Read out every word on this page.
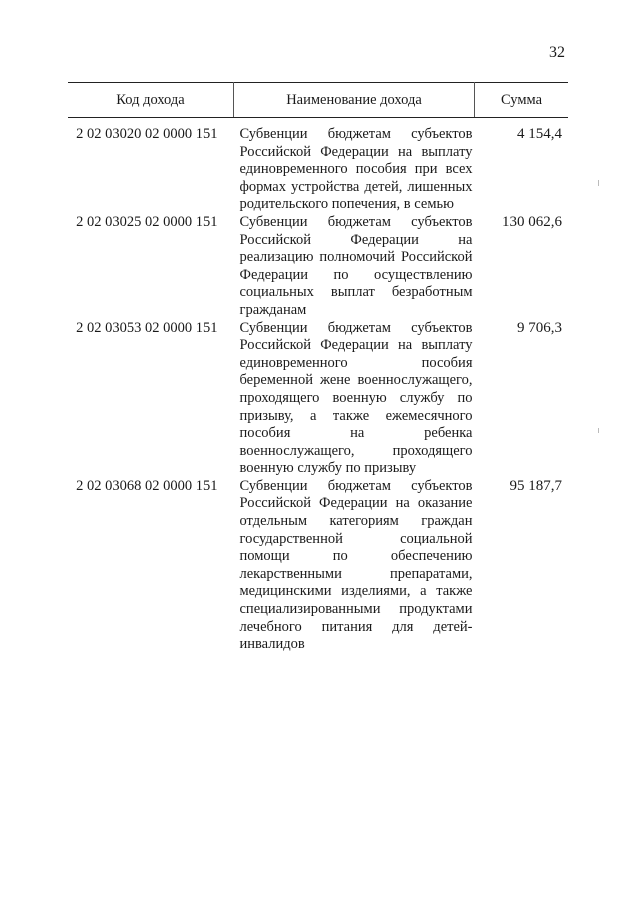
32
Код дохода	Наименование дохода	Сумма
2 02 03020 02 0000 151	Субвенции бюджетам субъектов Российской Федерации на выплату единовременного пособия при всех формах устройства детей, лишенных родительского попечения, в семью	4 154,4
2 02 03025 02 0000 151	Субвенции бюджетам субъектов Российской Федерации на реализацию полномочий Российской Федерации по осуществлению социальных выплат безработным гражданам	130 062,6
2 02 03053 02 0000 151	Субвенции бюджетам субъектов Российской Федерации на выплату единовременного пособия беременной жене военнослужащего, проходящего военную службу по призыву, а также ежемесячного пособия на ребенка военнослужащего, проходящего военную службу по призыву	9 706,3
2 02 03068 02 0000 151	Субвенции бюджетам субъектов Российской Федерации на оказание отдельным категориям граждан государственной социальной помощи по обеспечению лекарственными препаратами, медицинскими изделиями, а также специализированными продуктами лечебного питания для детей-инвалидов	95 187,7
